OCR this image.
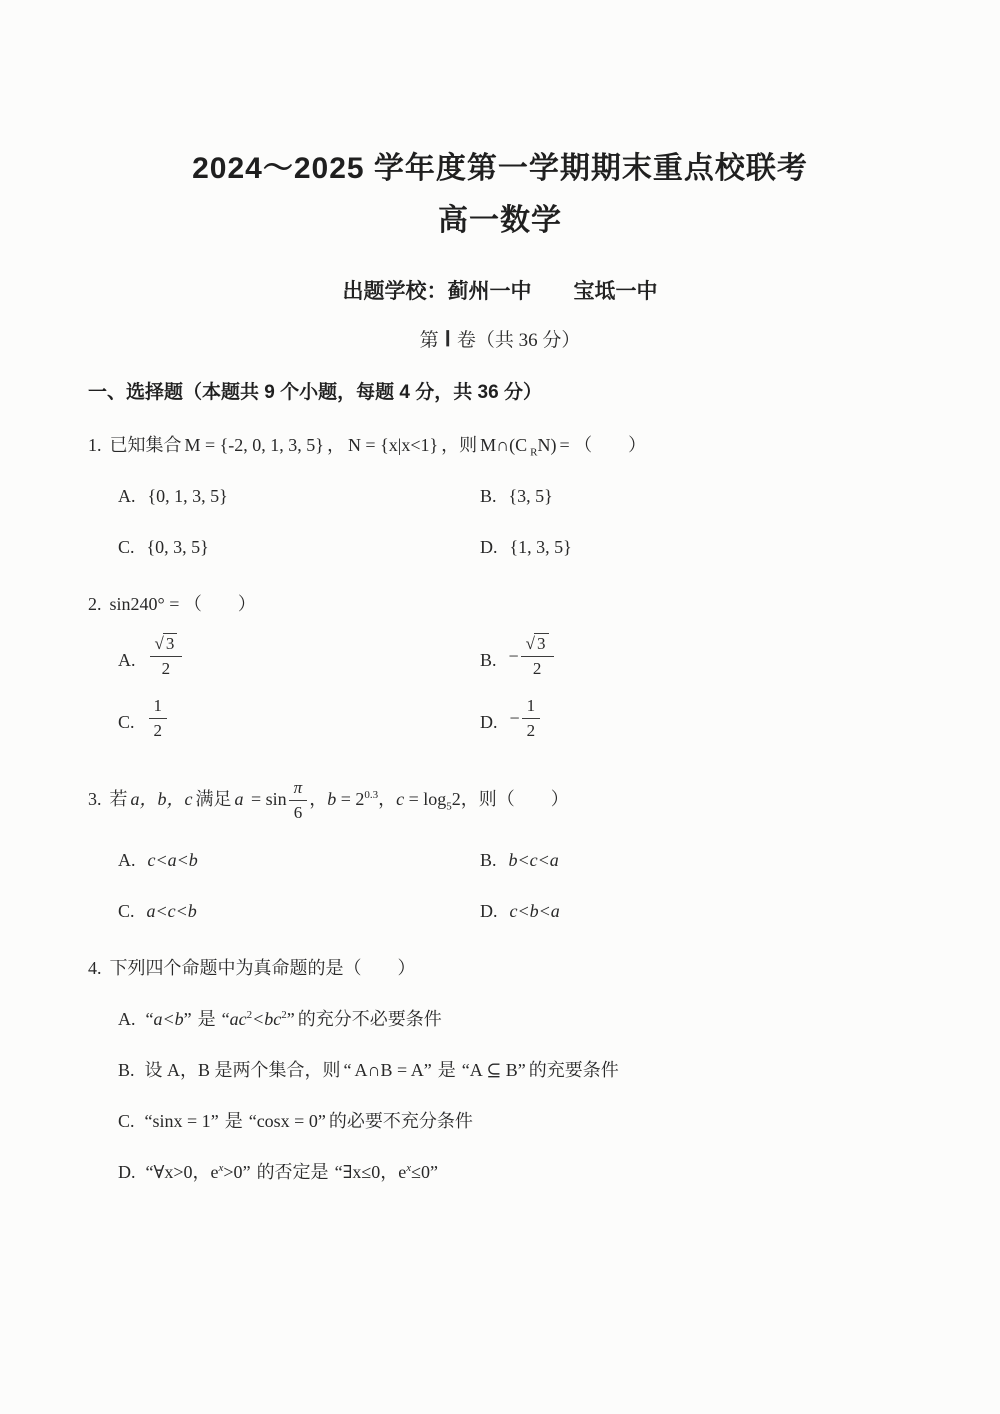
2024～2025 学年度第一学期期末重点校联考
高一数学
出题学校：蓟州一中　　宝坻一中
第 Ⅰ 卷（共 36 分）
一、选择题（本题共 9 个小题，每题 4 分，共 36 分）
1. 已知集合 M = {-2, 0, 1, 3, 5} ， N = {x|x<1} ，则 M∩(C $_R$N) = （　　）
A. {0, 1, 3, 5}	B. {3, 5}
C. {0, 3, 5}	D. {1, 3, 5}
2. sin240° = （　　）
A. $\frac{√ 3}{2}$	B. − $\frac{√ 3}{2}$
C. $\frac{1}{2}$	D. − $\frac{1}{2}$
3. 若 a，b，c 满足 $a = \sin \frac{\pi}{6}$ ，$b = 2^{0.3}$，$c = \log_52$，则（　　）
A. c<a<b	B. b<c<a
C. a<c<b	D. c<b<a
4. 下列四个命题中为真命题的是（　　）
A. “a<b” 是 “$ac^2<bc^2$” 的充分不必要条件
B. 设 A，B 是两个集合，则 “ A∩B = A” 是 “A ⊆ B” 的充要条件
C. “sinx = 1” 是 “cosx = 0” 的必要不充分条件
D. “∀x>0，$e^x>0$” 的否定是 “∃x≤0，$e^x\le 0$”
